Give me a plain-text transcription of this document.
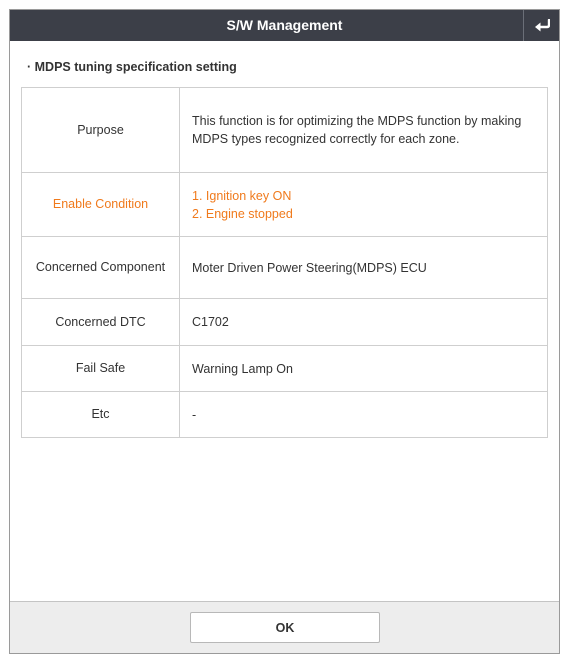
S/W Management
· MDPS tuning specification setting
Purpose	This function is for optimizing the MDPS function by making MDPS types recognized correctly for each zone.

Enable Condition	1. Ignition key ON
2. Engine stopped

Concerned Component	Moter Driven Power Steering(MDPS) ECU

Concerned DTC	C1702

Fail Safe	Warning Lamp On

Etc	-
OK
